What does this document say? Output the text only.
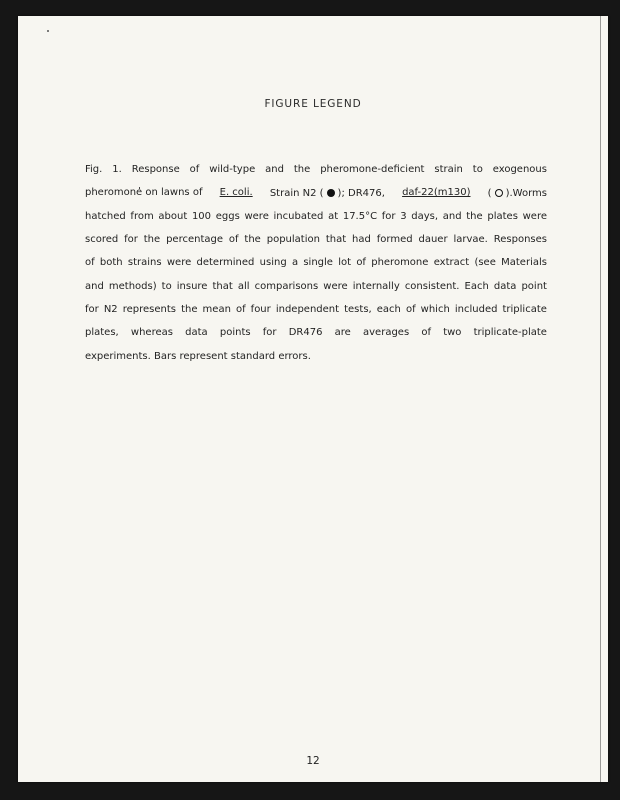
FIGURE LEGEND
Fig. 1. Response of wild-type and the pheromone-deficient strain to exogenous
pheromone on lawns of E. coli. Strain N2 ( ); DR476, daf-22(m130) ( ).Worms
hatched from about 100 eggs were incubated at 17.5°C for 3 days, and the plates were
scored for the percentage of the population that had formed dauer larvae. Responses
of both strains were determined using a single lot of pheromone extract (see Materials
and methods) to insure that all comparisons were internally consistent. Each data point
for N2 represents the mean of four independent tests, each of which included triplicate
plates, whereas data points for DR476 are averages of two triplicate-plate
experiments.
Bars
represent
standard
errors.
12
